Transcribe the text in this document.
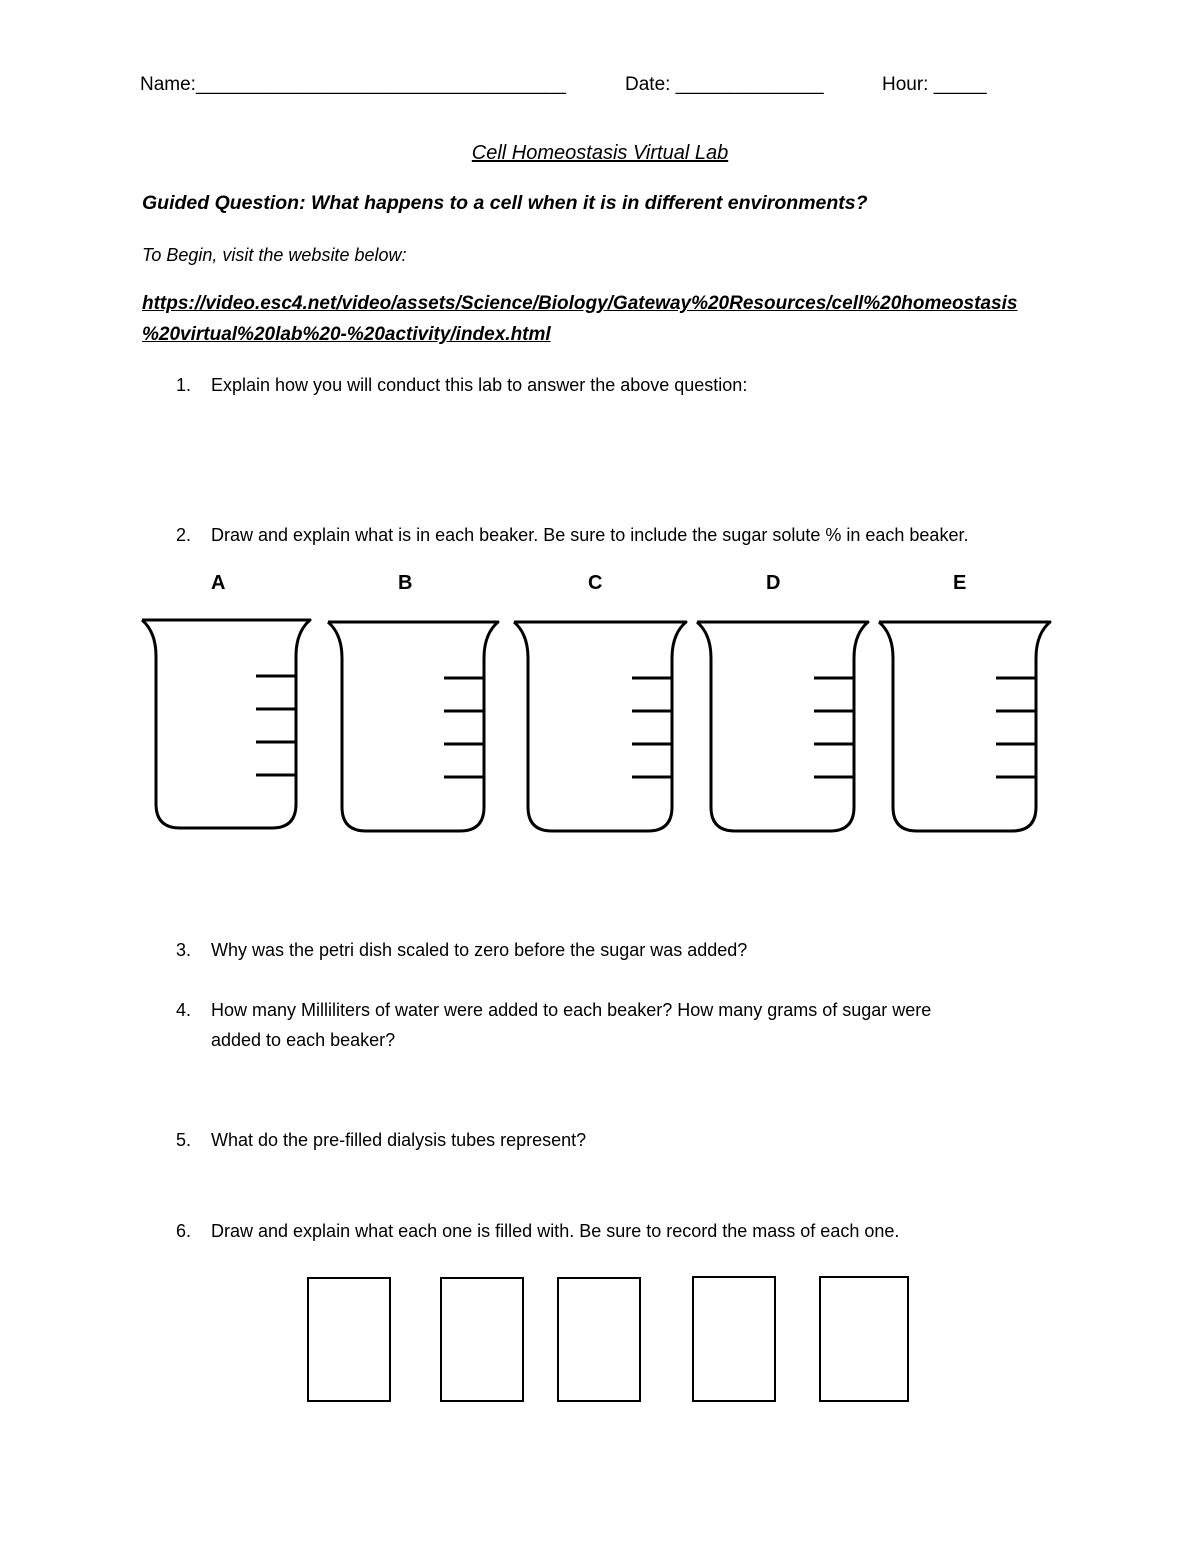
Name:___________________________________	Date: ______________	Hour: _____
Cell Homeostasis Virtual Lab
Guided Question: What happens to a cell when it is in different environments?
To Begin, visit the website below:
https://video.esc4.net/video/assets/Science/Biology/Gateway%20Resources/cell%20homeostasis
%20virtual%20lab%20-%20activity/index.html
1. Explain how you will conduct this lab to answer the above question:
2. Draw and explain what is in each beaker. Be sure to include the sugar solute % in each beaker.
A	B	C	D	E
3. Why was the petri dish scaled to zero before the sugar was added?
4. How many Milliliters of water were added to each beaker? How many grams of sugar were
added to each beaker?
5. What do the pre-filled dialysis tubes represent?
6. Draw and explain what each one is filled with. Be sure to record the mass of each one.
